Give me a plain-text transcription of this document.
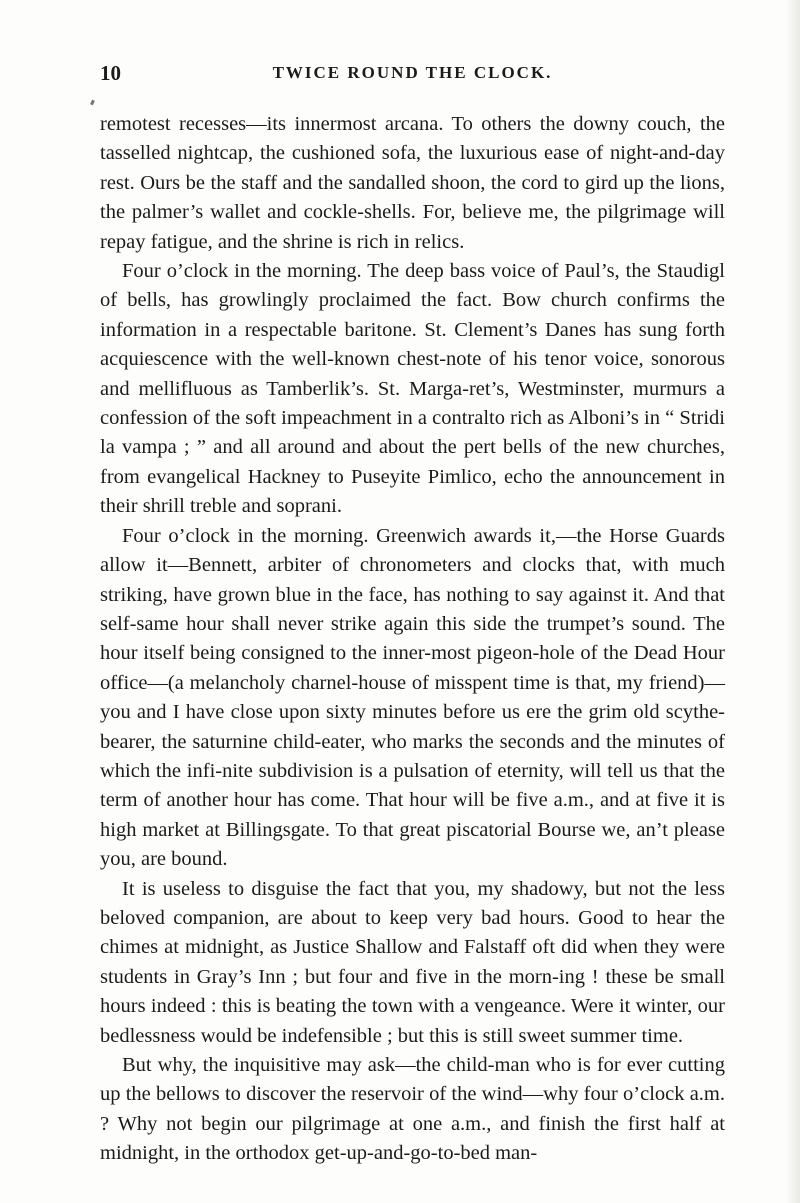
10	TWICE ROUND THE CLOCK.

remotest recesses—its innermost arcana. To others the downy couch, the tasselled nightcap, the cushioned sofa, the luxurious ease of night-and-day rest. Ours be the staff and the sandalled shoon, the cord to gird up the lions, the palmer’s wallet and cockle-shells. For, believe me, the pilgrimage will repay fatigue, and the shrine is rich in relics.

Four o’clock in the morning. The deep bass voice of Paul’s, the Staudigl of bells, has growlingly proclaimed the fact. Bow church confirms the information in a respectable baritone. St. Clement’s Danes has sung forth acquiescence with the well-known chest-note of his tenor voice, sonorous and mellifluous as Tamberlik’s. St. Marga-ret’s, Westminster, murmurs a confession of the soft impeachment in a contralto rich as Alboni’s in “ Stridi la vampa ; ” and all around and about the pert bells of the new churches, from evangelical Hackney to Puseyite Pimlico, echo the announcement in their shrill treble and soprani.

Four o’clock in the morning. Greenwich awards it,—the Horse Guards allow it—Bennett, arbiter of chronometers and clocks that, with much striking, have grown blue in the face, has nothing to say against it. And that self-same hour shall never strike again this side the trumpet’s sound. The hour itself being consigned to the inner-most pigeon-hole of the Dead Hour office—(a melancholy charnel-house of misspent time is that, my friend)—you and I have close upon sixty minutes before us ere the grim old scythe-bearer, the saturnine child-eater, who marks the seconds and the minutes of which the infi-nite subdivision is a pulsation of eternity, will tell us that the term of another hour has come. That hour will be five a.m., and at five it is high market at Billingsgate. To that great piscatorial Bourse we, an’t please you, are bound.

It is useless to disguise the fact that you, my shadowy, but not the less beloved companion, are about to keep very bad hours. Good to hear the chimes at midnight, as Justice Shallow and Falstaff oft did when they were students in Gray’s Inn ; but four and five in the morn-ing ! these be small hours indeed : this is beating the town with a vengeance. Were it winter, our bedlessness would be indefensible ; but this is still sweet summer time.

But why, the inquisitive may ask—the child-man who is for ever cutting up the bellows to discover the reservoir of the wind—why four o’clock a.m. ? Why not begin our pilgrimage at one a.m., and finish the first half at midnight, in the orthodox get-up-and-go-to-bed man-
